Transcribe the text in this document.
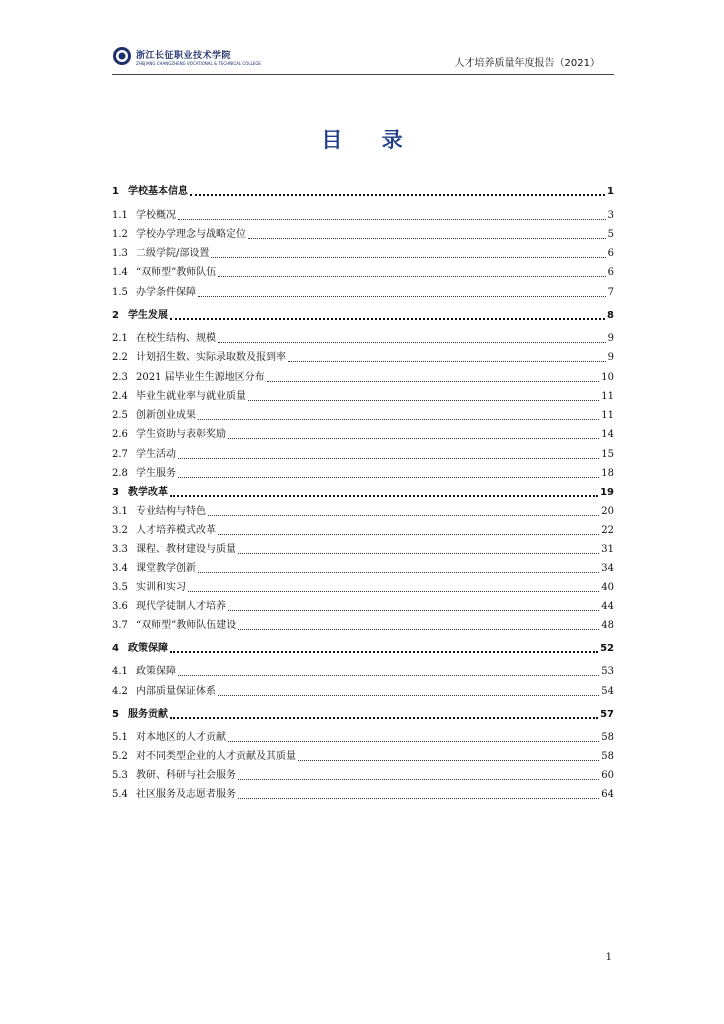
浙江长征职业技术学院
ZHEJIANG CHANGZHENG VOCATIONAL & TECHNICAL COLLEGE	人才培养质量年度报告（2021）
目 录
1 学校基本信息	1
1.1 学校概况	3
1.2 学校办学理念与战略定位	5
1.3 二级学院/部设置	6
1.4 “双师型”教师队伍	6
1.5 办学条件保障	7
2 学生发展	8
2.1 在校生结构、规模	9
2.2 计划招生数、实际录取数及报到率	9
2.3 2021 届毕业生生源地区分布	10
2.4 毕业生就业率与就业质量	11
2.5 创新创业成果	11
2.6 学生资助与表彰奖励	14
2.7 学生活动	15
2.8 学生服务	18
3 教学改革	19
3.1 专业结构与特色	20
3.2 人才培养模式改革	22
3.3 课程、教材建设与质量	31
3.4 课堂教学创新	34
3.5 实训和实习	40
3.6 现代学徒制人才培养	44
3.7 “双师型”教师队伍建设	48
4 政策保障	52
4.1 政策保障	53
4.2 内部质量保证体系	54
5 服务贡献	57
5.1 对本地区的人才贡献	58
5.2 对不同类型企业的人才贡献及其质量	58
5.3 教研、科研与社会服务	60
5.4 社区服务及志愿者服务	64
1
